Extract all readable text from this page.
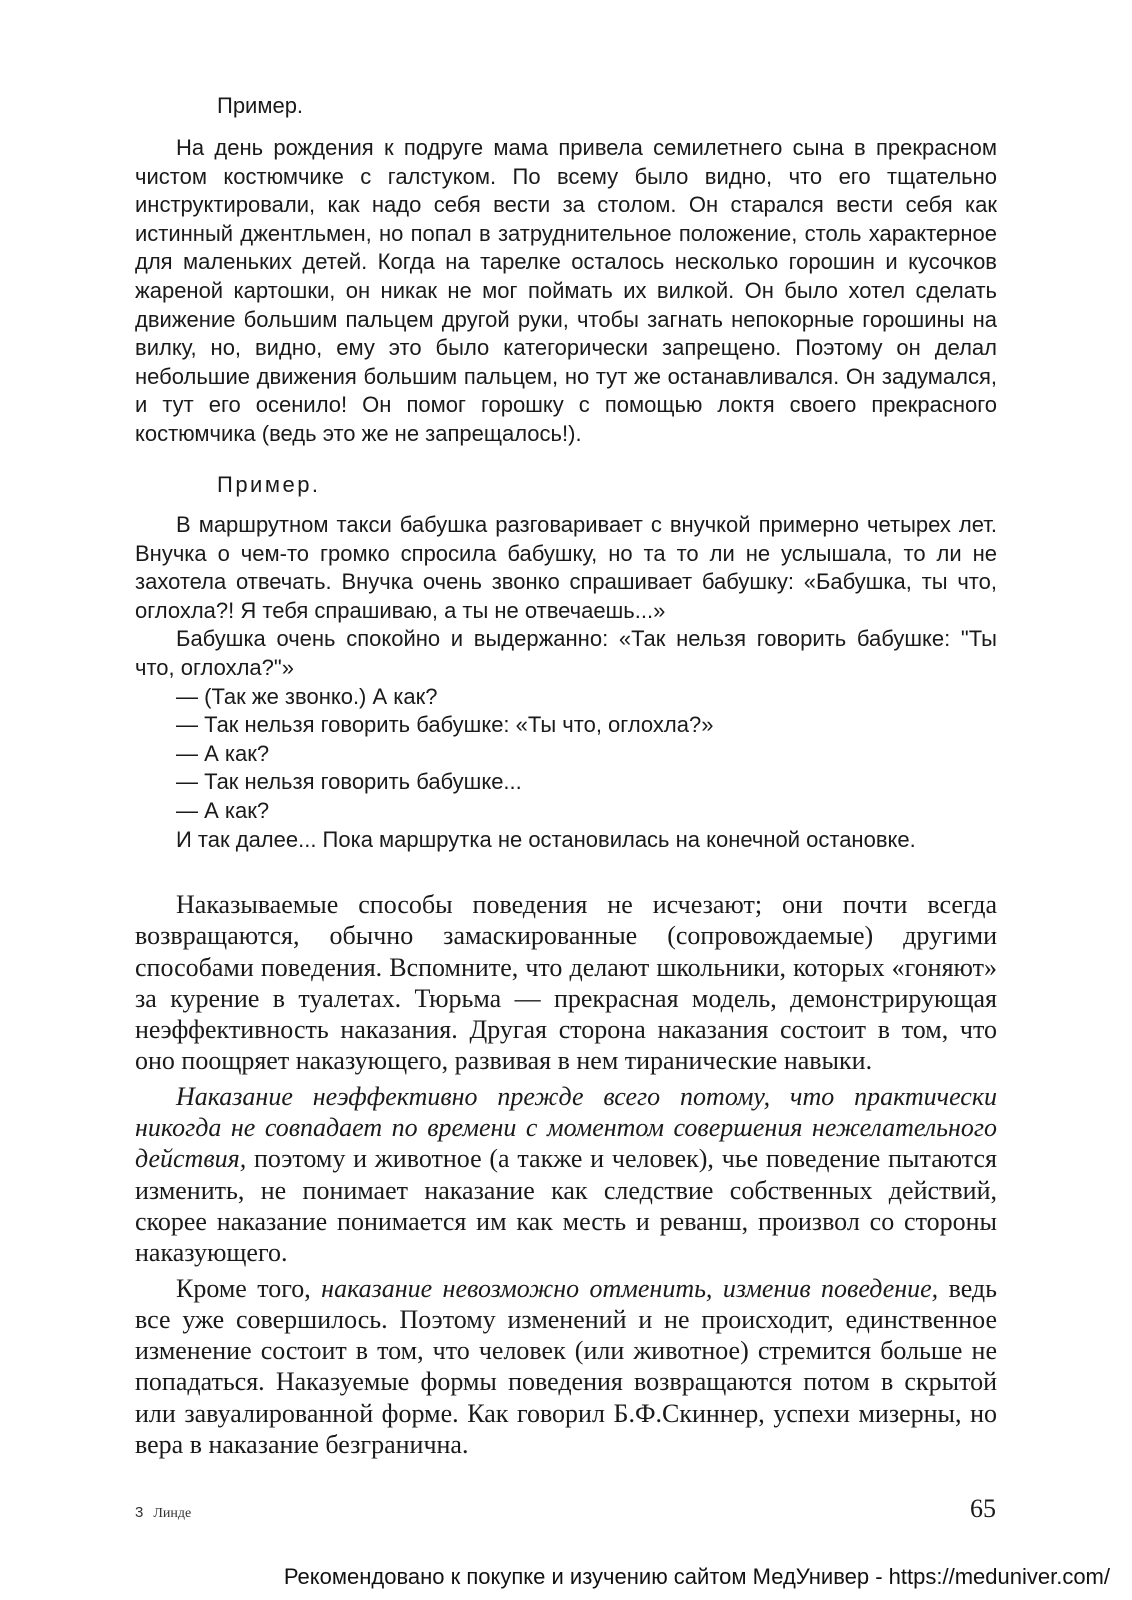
Пример.

На день рождения к подруге мама привела семилетнего сына в прекрасном чистом костюмчике с галстуком. По всему было видно, что его тщательно инструктировали, как надо себя вести за столом. Он старался вести себя как истинный джентльмен, но попал в затруднительное положение, столь характерное для маленьких детей. Когда на тарелке осталось несколько горошин и кусочков жареной картошки, он никак не мог поймать их вилкой. Он было хотел сделать движение большим пальцем другой руки, чтобы загнать непокорные горошины на вилку, но, видно, ему это было категорически запрещено. Поэтому он делал небольшие движения большим пальцем, но тут же останавливался. Он задумался, и тут его осенило! Он помог горошку с помощью локтя своего прекрасного костюмчика (ведь это же не запрещалось!).

Пример.

В маршрутном такси бабушка разговаривает с внучкой примерно четырех лет. Внучка о чем-то громко спросила бабушку, но та то ли не услышала, то ли не захотела отвечать. Внучка очень звонко спрашивает бабушку: «Бабушка, ты что, оглохла?! Я тебя спрашиваю, а ты не отвечаешь...»

Бабушка очень спокойно и выдержанно: «Так нельзя говорить бабушке: "Ты что, оглохла?"»

— (Так же звонко.) А как?
— Так нельзя говорить бабушке: «Ты что, оглохла?»
— А как?
— Так нельзя говорить бабушке...
— А как?
И так далее... Пока маршрутка не остановилась на конечной остановке.

Наказываемые способы поведения не исчезают; они почти всегда возвращаются, обычно замаскированные (сопровождаемые) другими способами поведения. Вспомните, что делают школьники, которых «гоняют» за курение в туалетах. Тюрьма — прекрасная модель, демонстрирующая неэффективность наказания. Другая сторона наказания состоит в том, что оно поощряет наказующего, развивая в нем тиранические навыки.

Наказание неэффективно прежде всего потому, что практически никогда не совпадает по времени с моментом совершения нежелательного действия, поэтому и животное (а также и человек), чье поведение пытаются изменить, не понимает наказание как следствие собственных действий, скорее наказание понимается им как месть и реванш, произвол со стороны наказующего.

Кроме того, наказание невозможно отменить, изменив поведение, ведь все уже совершилось. Поэтому изменений и не происходит, единственное изменение состоит в том, что человек (или животное) стремится больше не попадаться. Наказуемые формы поведения возвращаются потом в скрытой или завуалированной форме. Как говорил Б.Ф.Скиннер, успехи мизерны, но вера в наказание безгранична.

3 Линде	65
Рекомендовано к покупке и изучению сайтом МедУнивер - https://meduniver.com/
